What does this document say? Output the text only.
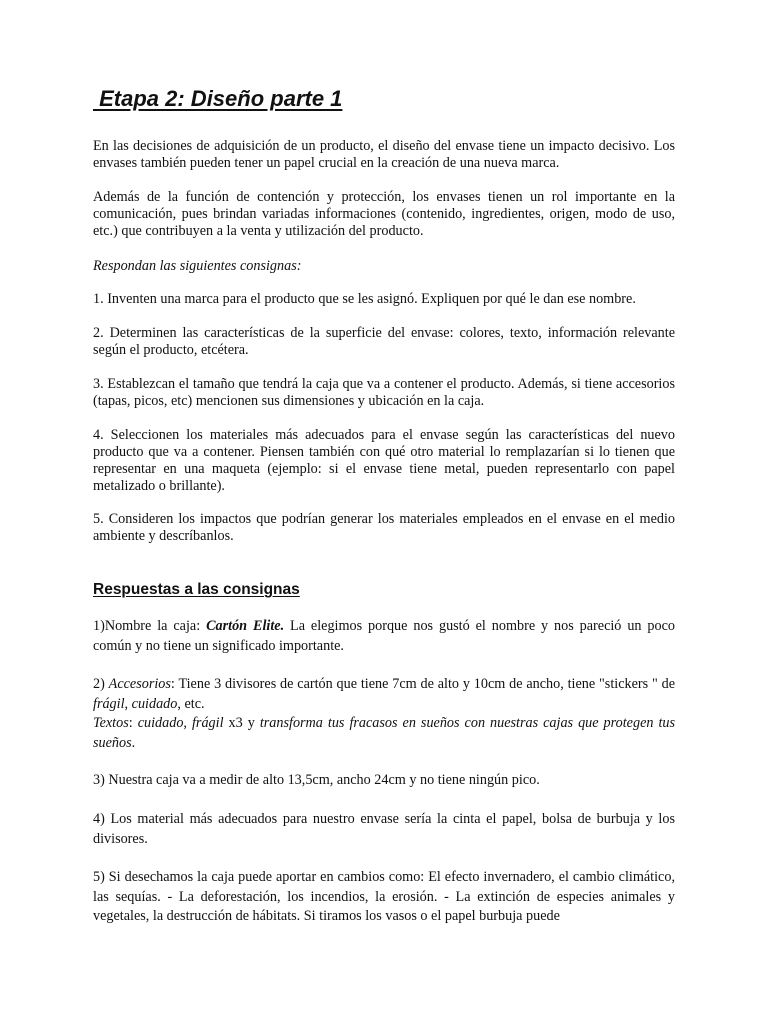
Etapa 2: Diseño parte 1

En las decisiones de adquisición de un producto, el diseño del envase tiene un impacto decisivo. Los envases también pueden tener un papel crucial en la creación de una nueva marca.

Además de la función de contención y protección, los envases tienen un rol importante en la comunicación, pues brindan variadas informaciones (contenido, ingredientes, origen, modo de uso, etc.) que contribuyen a la venta y utilización del producto.

Respondan las siguientes consignas:

1. Inventen una marca para el producto que se les asignó. Expliquen por qué le dan ese nombre.

2. Determinen las características de la superficie del envase: colores, texto, información relevante según el producto, etcétera.

3. Establezcan el tamaño que tendrá la caja que va a contener el producto. Además, si tiene accesorios (tapas, picos, etc) mencionen sus dimensiones y ubicación en la caja.

4. Seleccionen los materiales más adecuados para el envase según las características del nuevo producto que va a contener. Piensen también con qué otro material lo remplazarían si lo tienen que representar en una maqueta (ejemplo: si el envase tiene metal, pueden representarlo con papel metalizado o brillante).

5. Consideren los impactos que podrían generar los materiales empleados en el envase en el medio ambiente y descríbanlos.

Respuestas a las consignas

1)Nombre la caja: Cartón Elite. La elegimos porque nos gustó el nombre y nos pareció un poco común y no tiene un significado importante.

2) Accesorios: Tiene 3 divisores de cartón que tiene 7cm de alto y 10cm de ancho, tiene "stickers " de frágil, cuidado, etc.
Textos: cuidado, frágil x3 y transforma tus fracasos en sueños con nuestras cajas que protegen tus sueños.

3) Nuestra caja va a medir de alto 13,5cm, ancho 24cm y no tiene ningún pico.

4) Los material más adecuados para nuestro envase sería la cinta el papel, bolsa de burbuja y los divisores.

5) Si desechamos la caja puede aportar en cambios como: El efecto invernadero, el cambio climático, las sequías. - La deforestación, los incendios, la erosión. - La extinción de especies animales y vegetales, la destrucción de hábitats. Si tiramos los vasos o el papel burbuja puede
